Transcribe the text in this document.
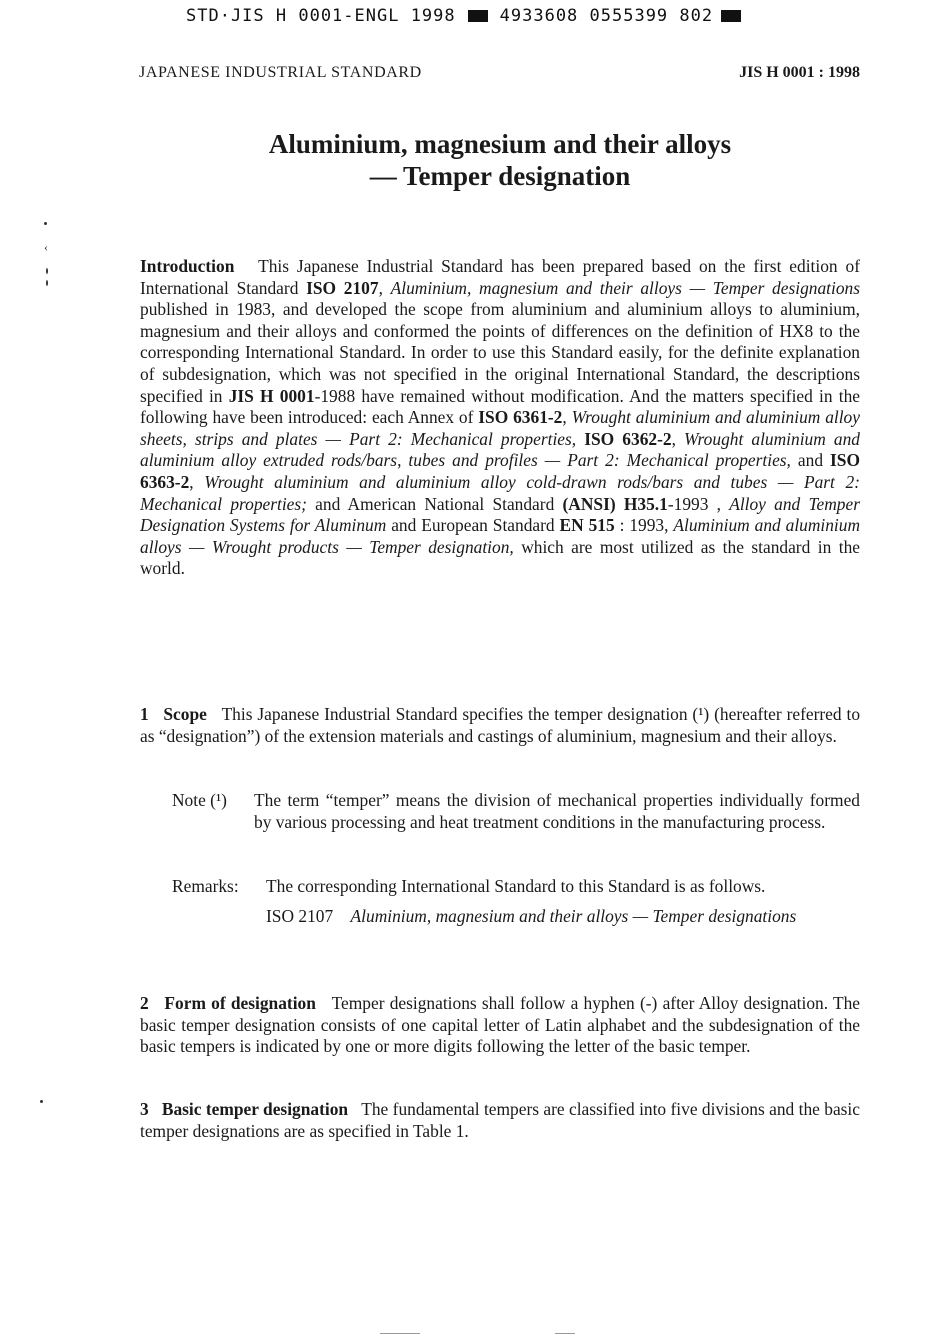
STD·JIS H 0001-ENGL 1998	4933608 0555399 802
JAPANESE INDUSTRIAL STANDARD	JIS H 0001 : 1998
Aluminium, magnesium and their alloys
— Temper designation
‹
Introduction This Japanese Industrial Standard has been prepared based on the first edition of International Standard ISO 2107, Aluminium, magnesium and their alloys — Temper designations published in 1983, and developed the scope from aluminium and aluminium alloys to aluminium, magnesium and their alloys and conformed the points of differences on the definition of HX8 to the corresponding International Standard. In order to use this Standard easily, for the definite explanation of subdesignation, which was not specified in the original International Standard, the descriptions specified in JIS H 0001-1988 have remained without modification. And the matters specified in the following have been introduced: each Annex of ISO 6361-2, Wrought aluminium and aluminium alloy sheets, strips and plates — Part 2: Mechanical properties, ISO 6362-2, Wrought aluminium and aluminium alloy extruded rods/bars, tubes and profiles — Part 2: Mechanical properties, and ISO 6363-2, Wrought aluminium and aluminium alloy cold-drawn rods/bars and tubes — Part 2: Mechanical properties; and American National Standard (ANSI) H35.1-1993 , Alloy and Temper Designation Systems for Aluminum and European Standard EN 515 : 1993, Aluminium and aluminium alloys — Wrought products — Temper designation, which are most utilized as the standard in the world.
1 Scope This Japanese Industrial Standard specifies the temper designation (¹) (hereafter referred to as “designation”) of the extension materials and castings of aluminium, magnesium and their alloys.
Note (¹) The term “temper” means the division of mechanical properties individually formed by various processing and heat treatment conditions in the manufacturing process.
Remarks: The corresponding International Standard to this Standard is as follows.
ISO 2107 Aluminium, magnesium and their alloys — Temper designations
2 Form of designation Temper designations shall follow a hyphen (-) after Alloy designation. The basic temper designation consists of one capital letter of Latin alphabet and the subdesignation of the basic tempers is indicated by one or more digits following the letter of the basic temper.
3 Basic temper designation The fundamental tempers are classified into five divisions and the basic temper designations are as specified in Table 1.
